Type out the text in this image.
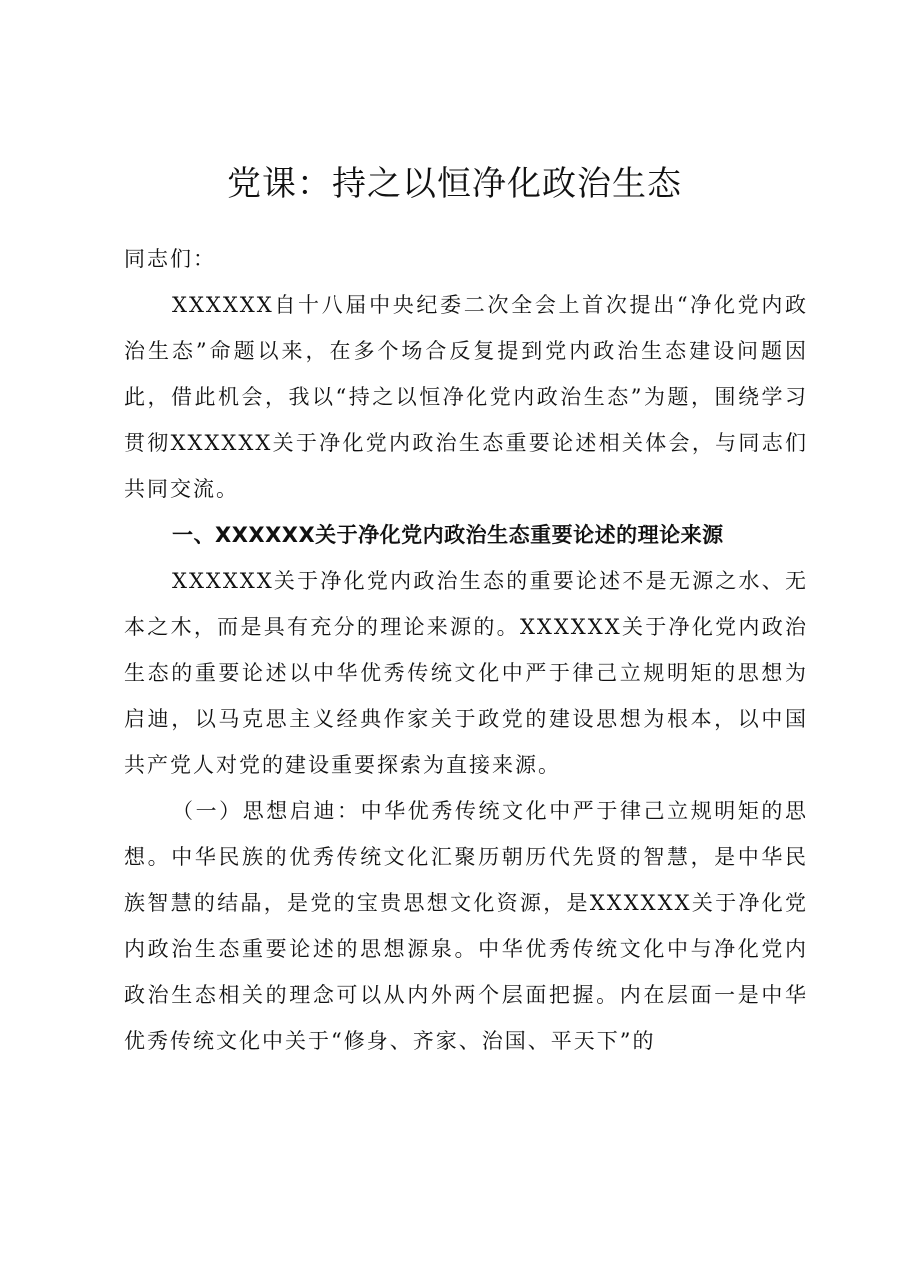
党课：持之以恒净化政治生态

同志们：

XXXXXX自十八届中央纪委二次全会上首次提出“净化党内政治生态”命题以来，在多个场合反复提到党内政治生态建设问题因此，借此机会，我以“持之以恒净化党内政治生态”为题，围绕学习贯彻XXXXXX关于净化党内政治生态重要论述相关体会，与同志们共同交流。

一、XXXXXX关于净化党内政治生态重要论述的理论来源

XXXXXX关于净化党内政治生态的重要论述不是无源之水、无本之木，而是具有充分的理论来源的。XXXXXX关于净化党内政治生态的重要论述以中华优秀传统文化中严于律己立规明矩的思想为启迪，以马克思主义经典作家关于政党的建设思想为根本，以中国共产党人对党的建设重要探索为直接来源。

（一）思想启迪：中华优秀传统文化中严于律己立规明矩的思想。中华民族的优秀传统文化汇聚历朝历代先贤的智慧，是中华民族智慧的结晶，是党的宝贵思想文化资源，是XXXXXX关于净化党内政治生态重要论述的思想源泉。中华优秀传统文化中与净化党内政治生态相关的理念可以从内外两个层面把握。内在层面一是中华优秀传统文化中关于“修身、齐家、治国、平天下”的
